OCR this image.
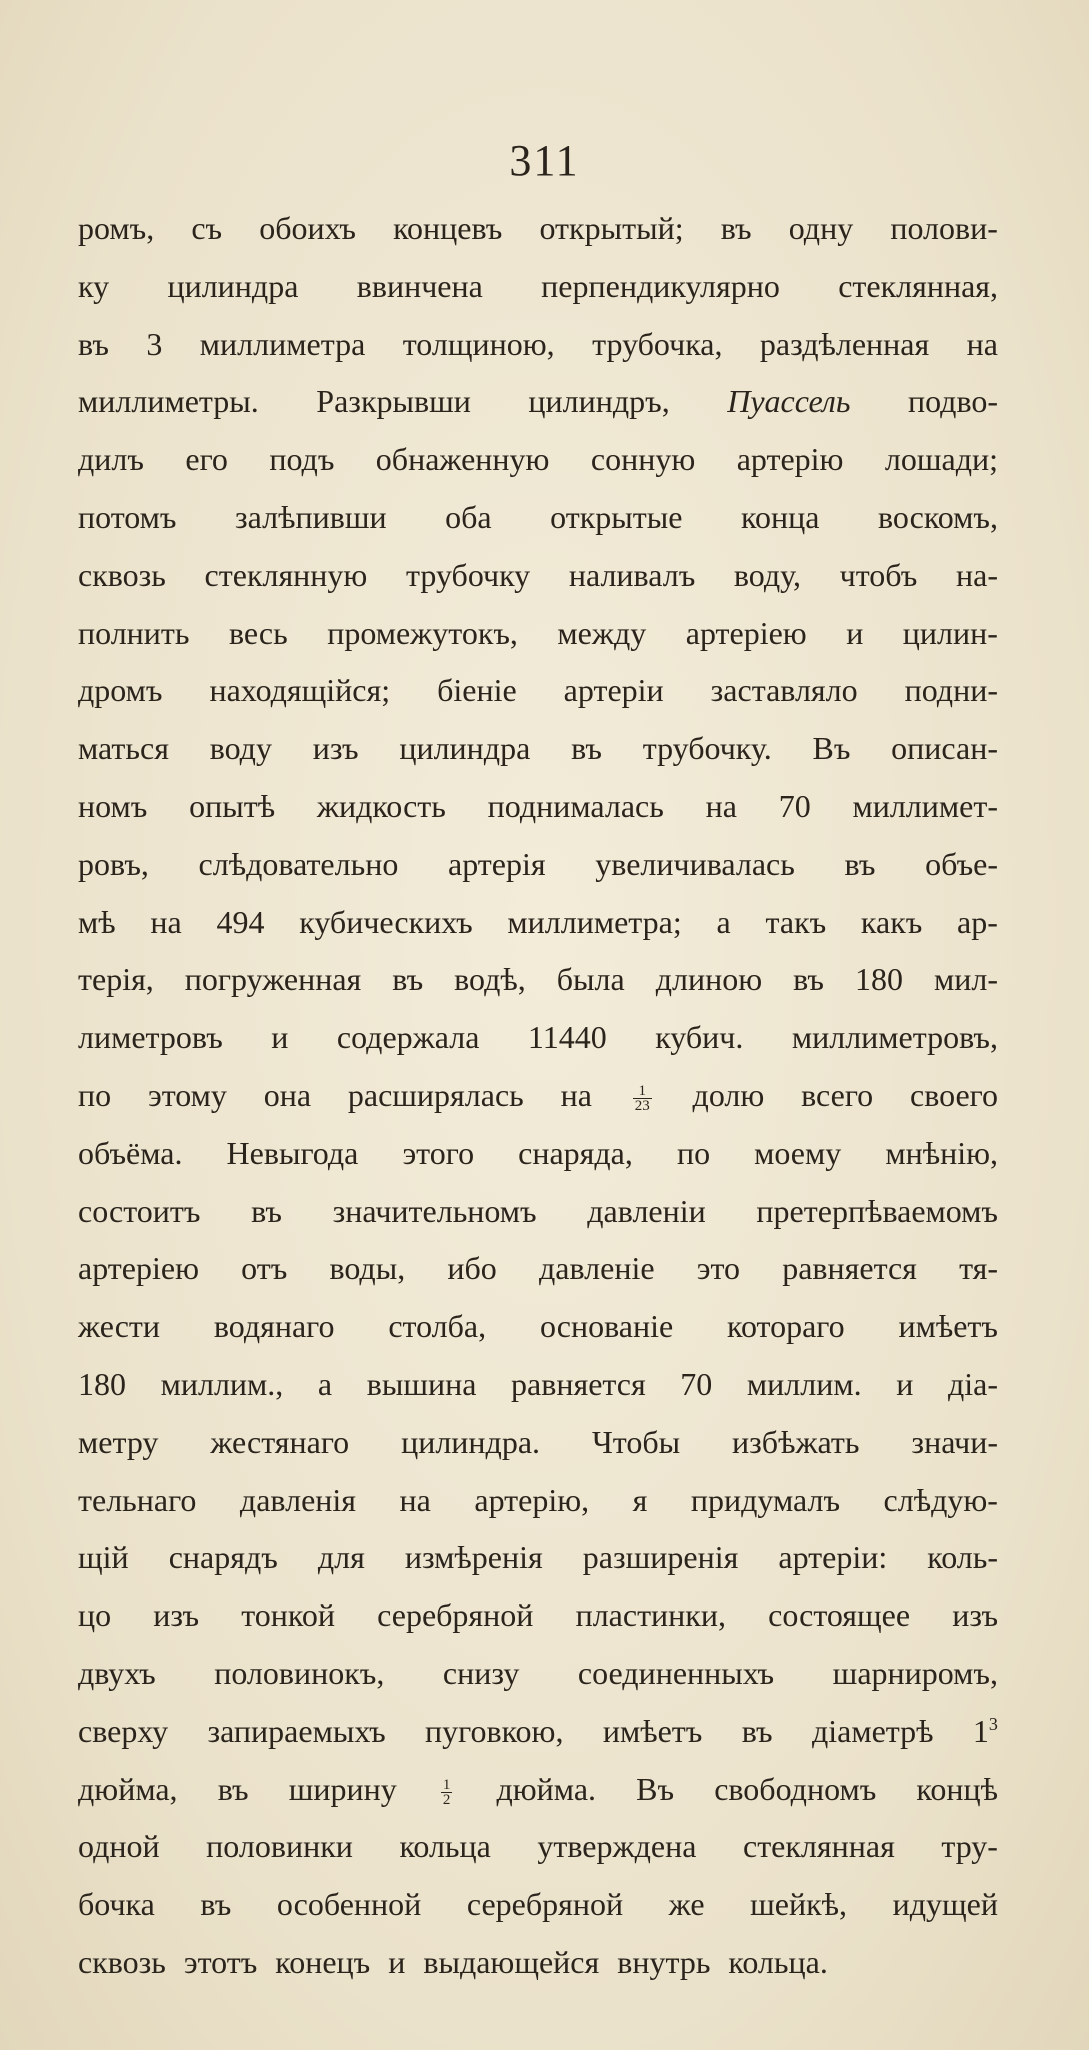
311
ромъ, съ обоихъ концевъ открытый; въ одну полови-
ку цилиндра ввинчена перпендикулярно стеклянная,
въ 3 миллиметра толщиною, трубочка, раздѣленная на
миллиметры. Разкрывши цилиндръ, Пуассель подво-
дилъ его подъ обнаженную сонную артерію лошади;
потомъ залѣпивши оба открытые конца воскомъ,
сквозь стеклянную трубочку наливалъ воду, чтобъ на-
полнить весь промежутокъ, между артеріею и цилин-
дромъ находящійся; біеніе артеріи заставляло подни-
маться воду изъ цилиндра въ трубочку. Въ описан-
номъ опытѣ жидкость поднималась на 70 миллимет-
ровъ, слѣдовательно артерія увеличивалась въ объе-
мѣ на 494 кубическихъ миллиметра; а такъ какъ ар-
терія, погруженная въ водѣ, была длиною въ 180 мил-
лиметровъ и содержала 11440 кубич. миллиметровъ,
по этому она расширялась на	$\frac{1}{23}$ долю всего своего
объёма. Невыгода этого снаряда, по моему мнѣнію,
состоитъ въ значительномъ давленіи претерпѣваемомъ
артеріею отъ воды, ибо давленіе это равняется тя-
жести водянаго столба, основаніе котораго имѣетъ
180 миллим., а вышина равняется 70 миллим. и діа-
метру жестянаго цилиндра. Чтобы избѣжать значи-
тельнаго давленія на артерію, я придумалъ слѣдую-
щій снарядъ для измѣренія разширенія артеріи: коль-
цо изъ тонкой серебряной пластинки, состоящее изъ
двухъ половинокъ, снизу соединенныхъ шарниромъ,
сверху запираемыхъ пуговкою, имѣетъ въ діаметрѣ 13
дюйма, въ ширину	$\frac{1}{2}$ дюйма. Въ свободномъ концѣ
одной половинки кольца утверждена стеклянная тру-
бочка въ особенной серебряной же шейкѣ, идущей
сквозь этотъ конецъ и выдающейся внутрь кольца.
